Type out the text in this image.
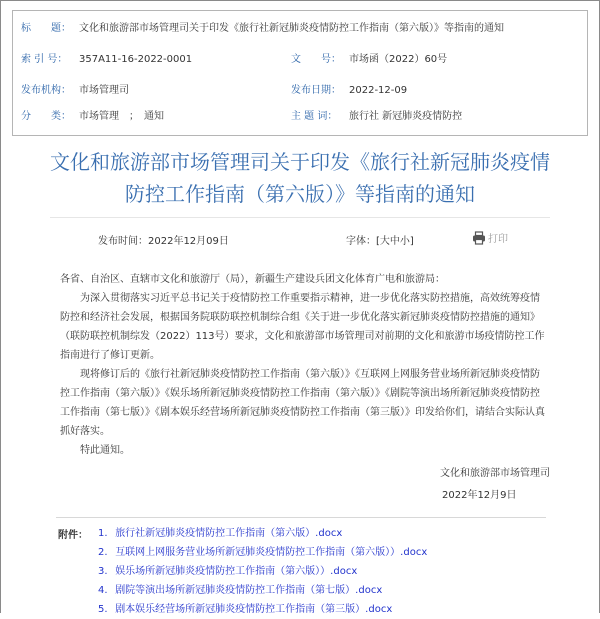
标　　题： 文化和旅游部市场管理司关于印发《旅行社新冠肺炎疫情防控工作指南（第六版）》等指南的通知
索 引 号： 357A11-16-2022-0001	文　　号： 市场函（2022）60号
发布机构： 市场管理司	发布日期： 2022-12-09
分　　类： 市场管理　；　通知	主 题 词： 旅行社 新冠肺炎疫情防控
文化和旅游部市场管理司关于印发《旅行社新冠肺炎疫情
防控工作指南（第六版）》等指南的通知
发布时间：2022年12月09日	字体：[大中小]	打印

各省、自治区、直辖市文化和旅游厅（局），新疆生产建设兵团文化体育广电和旅游局：

为深入贯彻落实习近平总书记关于疫情防控工作重要指示精神，进一步优化落实防控措施，高效统筹疫情防控和经济社会发展，根据国务院联防联控机制综合组《关于进一步优化落实新冠肺炎疫情防控措施的通知》（联防联控机制综发（2022）113号）要求，文化和旅游部市场管理司对前期的文化和旅游市场疫情防控工作指南进行了修订更新。

现将修订后的《旅行社新冠肺炎疫情防控工作指南（第六版）》《互联网上网服务营业场所新冠肺炎疫情防控工作指南（第六版）》《娱乐场所新冠肺炎疫情防控工作指南（第六版）》《剧院等演出场所新冠肺炎疫情防控工作指南（第七版）》《剧本娱乐经营场所新冠肺炎疫情防控工作指南（第三版）》印发给你们，请结合实际认真抓好落实。

特此通知。

文化和旅游部市场管理司
2022年12月9日
附件： 1. 旅行社新冠肺炎疫情防控工作指南（第六版）.docx
2. 互联网上网服务营业场所新冠肺炎疫情防控工作指南（第六版））.docx
3. 娱乐场所新冠肺炎疫情防控工作指南（第六版））.docx
4. 剧院等演出场所新冠肺炎疫情防控工作指南（第七版）.docx
5. 剧本娱乐经营场所新冠肺炎疫情防控工作指南（第三版）.docx
